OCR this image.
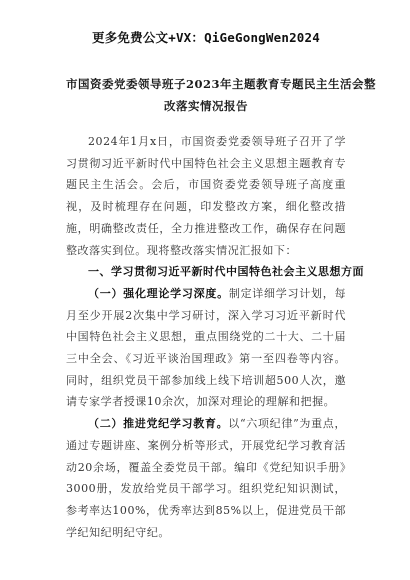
更多免费公文+VX：QiGeGongWen2024
市国资委党委领导班子2023年主题教育专题民主生活会整
改落实情况报告

2024年1月x日，市国资委党委领导班子召开了学习贯彻习近平新时代中国特色社会主义思想主题教育专题民主生活会。会后，市国资委党委领导班子高度重视，及时梳理存在问题，印发整改方案，细化整改措施，明确整改责任，全力推进整改工作，确保存在问题整改落实到位。现将整改落实情况汇报如下：

一、学习贯彻习近平新时代中国特色社会主义思想方面

（一）强化理论学习深度。制定详细学习计划，每月至少开展2次集中学习研讨，深入学习习近平新时代中国特色社会主义思想，重点围绕党的二十大、二十届三中全会、《习近平谈治国理政》第一至四卷等内容。同时，组织党员干部参加线上线下培训超500人次，邀请专家学者授课10余次，加深对理论的理解和把握。

（二）推进党纪学习教育。以“六项纪律”为重点，通过专题讲座、案例分析等形式，开展党纪学习教育活动20余场，覆盖全委党员干部。编印《党纪知识手册》3000册，发放给党员干部学习。组织党纪知识测试，参考率达100%，优秀率达到85%以上，促进党员干部学纪知纪明纪守纪。
